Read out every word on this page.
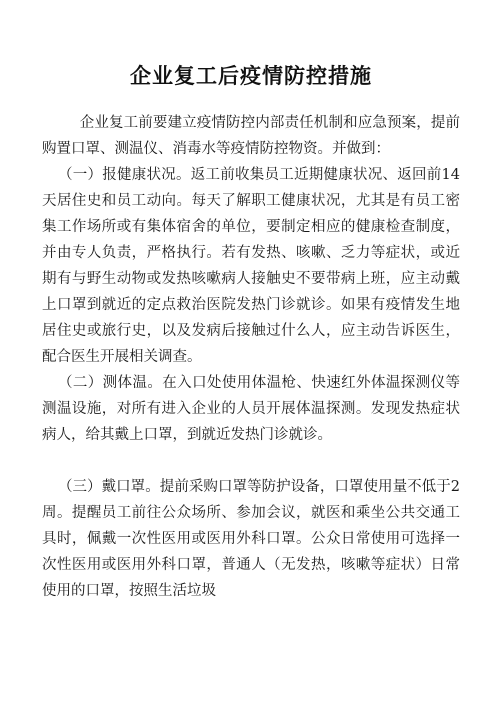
企业复工后疫情防控措施

企业复工前要建立疫情防控内部责任机制和应急预案，提前购置口罩、测温仪、消毒水等疫情防控物资。并做到：

（一）报健康状况。返工前收集员工近期健康状况、返回前14天居住史和员工动向。每天了解职工健康状况，尤其是有员工密集工作场所或有集体宿舍的单位，要制定相应的健康检查制度，并由专人负责，严格执行。若有发热、咳嗽、乏力等症状，或近期有与野生动物或发热咳嗽病人接触史不要带病上班，应主动戴上口罩到就近的定点救治医院发热门诊就诊。如果有疫情发生地居住史或旅行史，以及发病后接触过什么人，应主动告诉医生，配合医生开展相关调查。

（二）测体温。在入口处使用体温枪、快速红外体温探测仪等测温设施，对所有进入企业的人员开展体温探测。发现发热症状病人，给其戴上口罩，到就近发热门诊就诊。

（三）戴口罩。提前采购口罩等防护设备，口罩使用量不低于2周。提醒员工前往公众场所、参加会议，就医和乘坐公共交通工具时，佩戴一次性医用或医用外科口罩。公众日常使用可选择一次性医用或医用外科口罩，普通人（无发热，咳嗽等症状）日常使用的口罩，按照生活垃圾
